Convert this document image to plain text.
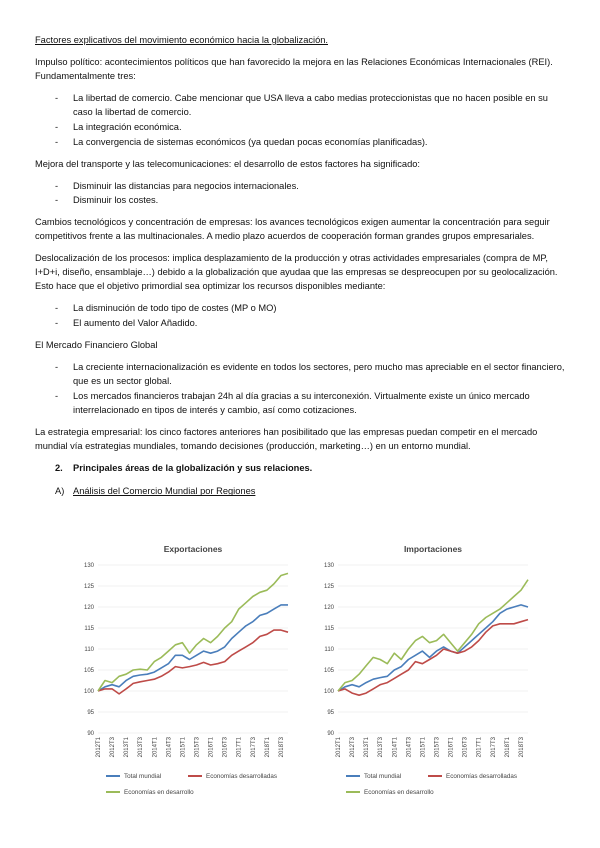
Factores explicativos del movimiento económico hacia la globalización.

Impulso político: acontecimientos políticos que han favorecido la mejora en las Relaciones Económicas Internacionales (REI). Fundamentalmente tres:

- La libertad de comercio. Cabe mencionar que USA lleva a cabo medias proteccionistas que no hacen posible en su caso la libertad de comercio.
- La integración económica.
- La convergencia de sistemas económicos (ya quedan pocas economías planificadas).

Mejora del transporte y las telecomunicaciones: el desarrollo de estos factores ha significado:

- Disminuir las distancias para negocios internacionales.
- Disminuir los costes.

Cambios tecnológicos y concentración de empresas: los avances tecnológicos exigen aumentar la concentración para seguir competitivos frente a las multinacionales. A medio plazo acuerdos de cooperación forman grandes grupos empresariales.

Deslocalización de los procesos: implica desplazamiento de la producción y otras actividades empresariales (compra de MP, I+D+i, diseño, ensamblaje…) debido a la globalización que ayudaa que las empresas se despreocupen por su geolocalización. Esto hace que el objetivo primordial sea optimizar los recursos disponibles mediante:

- La disminución de todo tipo de costes (MP o MO)
- El aumento del Valor Añadido.

El Mercado Financiero Global

- La creciente internacionalización es evidente en todos los sectores, pero mucho mas apreciable en el sector financiero, que es un sector global.
- Los mercados financieros trabajan 24h al día gracias a su interconexión. Virtualmente existe un único mercado interrelacionado en tipos de interés y cambio, así como cotizaciones.

La estrategia empresarial: los cinco factores anteriores han posibilitado que las empresas puedan competir en el mercado mundial vía estrategias mundiales, tomando decisiones (producción, marketing…) en un entorno mundial.

2.	Principales áreas de la globalización y sus relaciones.
A) Análisis del Comercio Mundial por Regiones
Exportaciones
90
95
100
105
110
115
120
125
130
2012T1 2012T3 2013T1 2013T3 2014T1 2014T3 2015T1 2015T3 2016T1 2016T3 2017T1 2017T3 2018T1 2018T3
Total mundial	Economías desarrolladas
Economías en desarrollo
Importaciones
90
95
100
105
110
115
120
125
130
2012T1 2012T3 2013T1 2013T3 2014T1 2014T3 2015T1 2015T3 2016T1 2016T3 2017T1 2017T3 2018T1 2018T3
Total mundial	Economías desarrolladas
Economías en desarrollo
